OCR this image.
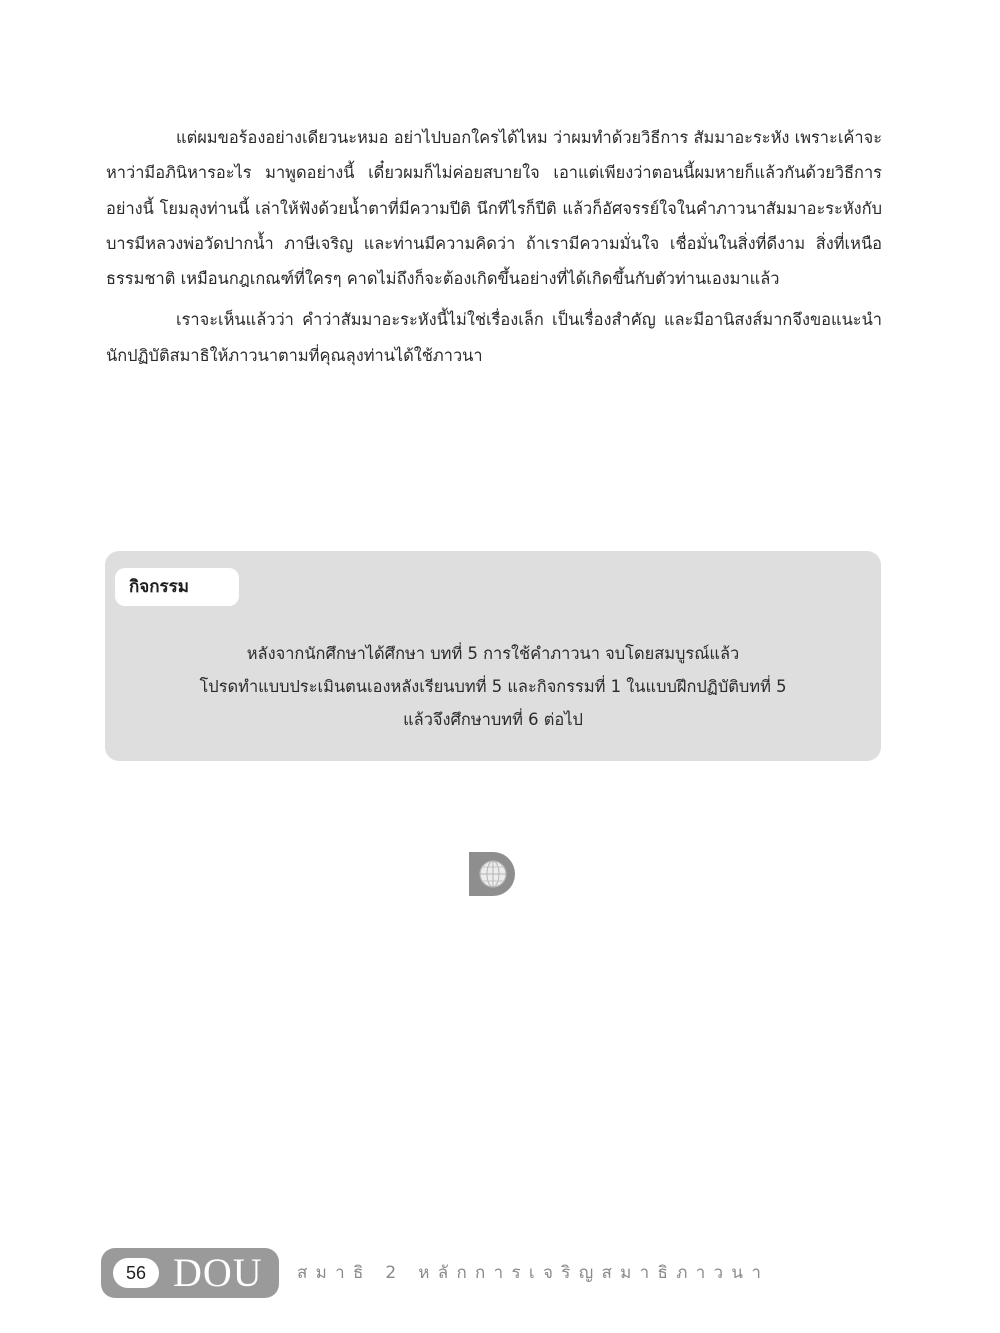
แต่ผมขอร้องอย่างเดียวนะหมอ อย่าไปบอกใครได้ไหม ว่าผมทำด้วยวิธีการ สัมมาอะระหัง เพราะเค้าจะหาว่ามีอภินิหารอะไร มาพูดอย่างนี้ เดี๋ยวผมก็ไม่ค่อยสบายใจ เอาแต่เพียงว่าตอนนี้ผมหายก็แล้วกันด้วยวิธีการอย่างนี้ โยมลุงท่านนี้ เล่าให้ฟังด้วยน้ำตาที่มีความปีติ นึกทีไรก็ปีติ แล้วก็อัศจรรย์ใจในคำภาวนาสัมมาอะระหังกับบารมีหลวงพ่อวัดปากน้ำ ภาษีเจริญ และท่านมีความคิดว่า ถ้าเรามีความมั่นใจ เชื่อมั่นในสิ่งที่ดีงาม สิ่งที่เหนือธรรมชาติ เหมือนกฎเกณฑ์ที่ใครๆ คาดไม่ถึงก็จะต้องเกิดขึ้นอย่างที่ได้เกิดขึ้นกับตัวท่านเองมาแล้ว

เราจะเห็นแล้วว่า คำว่าสัมมาอะระหังนี้ไม่ใช่เรื่องเล็ก เป็นเรื่องสำคัญ และมีอานิสงส์มากจึงขอแนะนำนักปฏิบัติสมาธิให้ภาวนาตามที่คุณลุงท่านได้ใช้ภาวนา

กิจกรรม
หลังจากนักศึกษาได้ศึกษา บทที่ 5 การใช้คำภาวนา จบโดยสมบูรณ์แล้ว
โปรดทำแบบประเมินตนเองหลังเรียนบทที่ 5 และกิจกรรมที่ 1 ในแบบฝึกปฏิบัติบทที่ 5
แล้วจึงศึกษาบทที่ 6 ต่อไป
56 DOU สมาธิ 2 หลักการเจริญสมาธิภาวนา
